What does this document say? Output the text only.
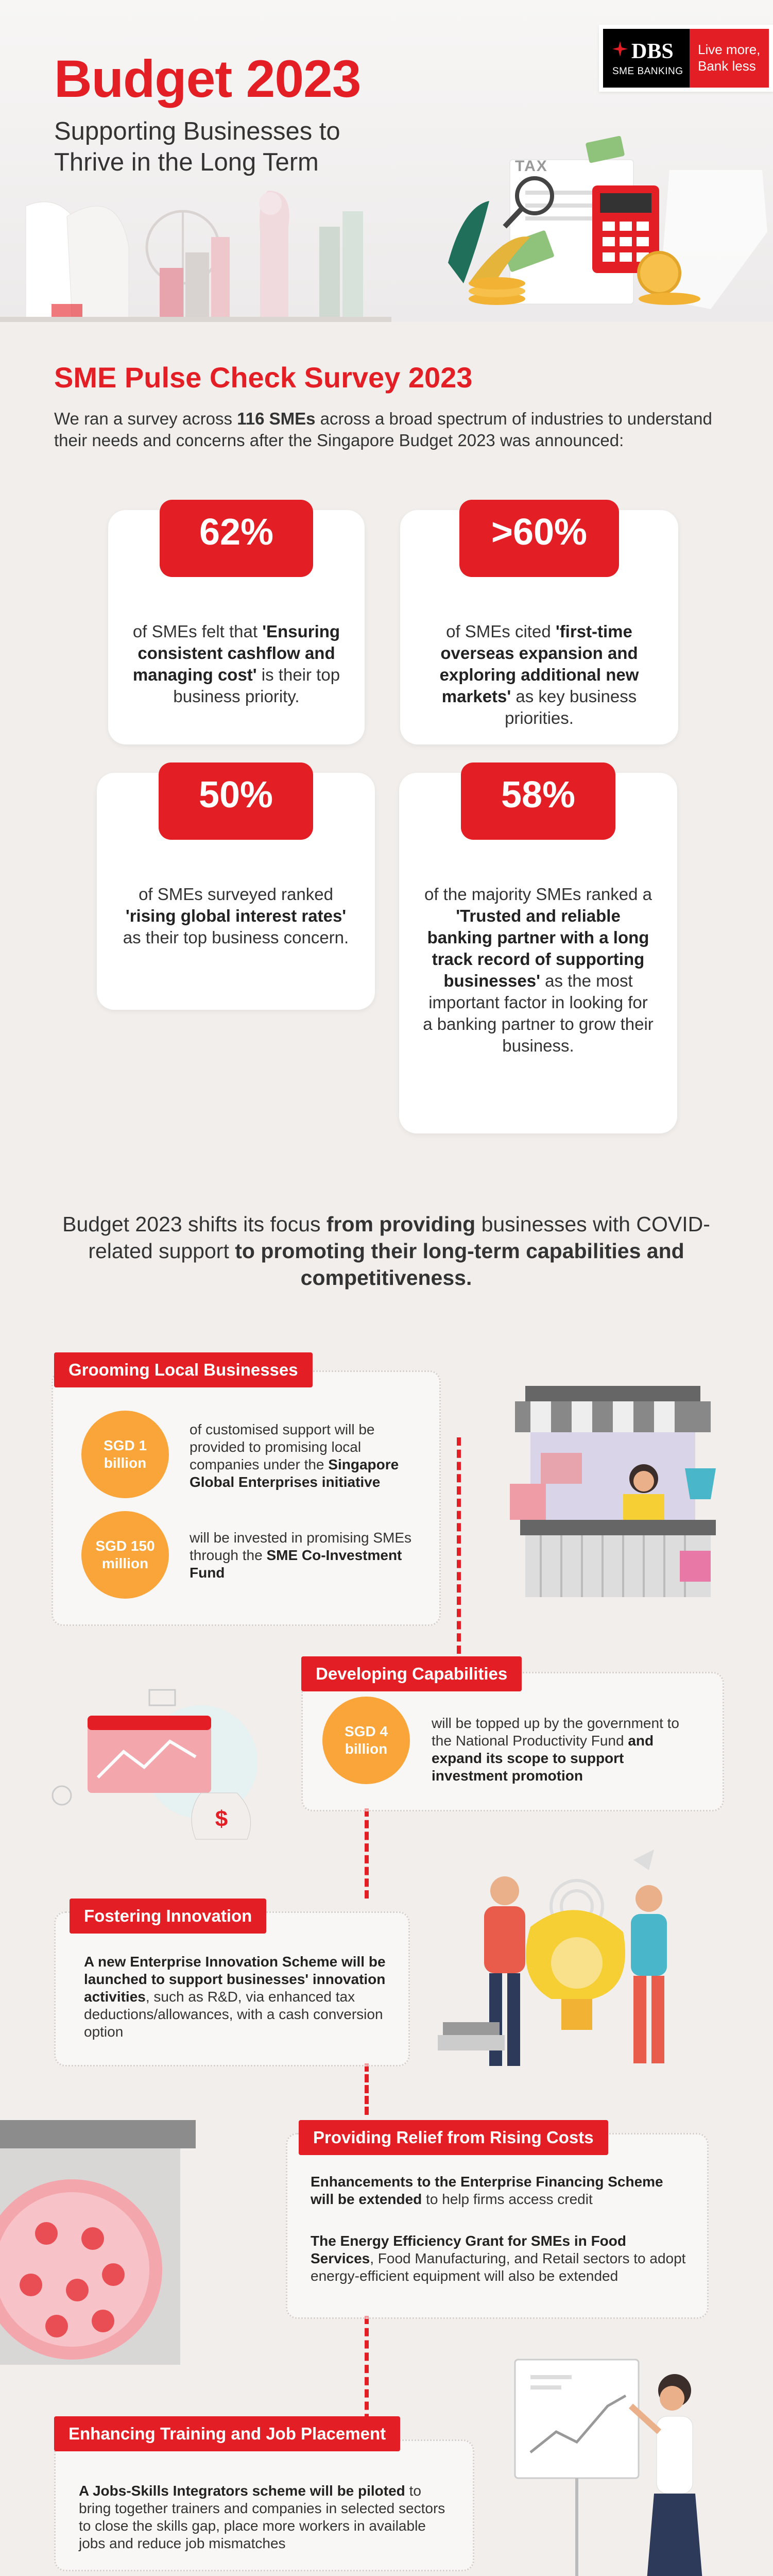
Budget 2023
Supporting Businesses to
Thrive in the Long Term
DBS
SME BANKING
Live more,
Bank less
TAX
SME Pulse Check Survey 2023
We ran a survey across 116 SMEs across a broad spectrum of industries to understand their needs and concerns after the Singapore Budget 2023 was announced:
62%
of SMEs felt that 'Ensuring consistent cashflow and managing cost' is their top business priority.
>60%
of SMEs cited 'first-time overseas expansion and exploring additional new markets' as key business priorities.
50%
of SMEs surveyed ranked 'rising global interest rates' as their top business concern.
58%
of the majority SMEs ranked a 'Trusted and reliable banking partner with a long track record of supporting businesses' as the most important factor in looking for a banking partner to grow their business.
Budget 2023 shifts its focus from providing businesses with COVID-related support to promoting their long-term capabilities and competitiveness.
SGD 1
billion
of customised support will be provided to promising local companies under the Singapore Global Enterprises initiative
SGD 150
million
will be invested in promising SMEs through the SME Co-Investment Fund
Grooming Local Businesses
SGD 4
billion
will be topped up by the government to the National Productivity Fund and expand its scope to support investment promotion
Developing Capabilities
$
A new Enterprise Innovation Scheme will be launched to support businesses' innovation activities, such as R&D, via enhanced tax deductions/allowances, with a cash conversion option
Fostering Innovation
Enhancements to the Enterprise Financing Scheme will be extended to help firms access credit
The Energy Efficiency Grant for SMEs in Food Services, Food Manufacturing, and Retail sectors to adopt energy-efficient equipment will also be extended
Providing Relief from Rising Costs
A Jobs-Skills Integrators scheme will be piloted to bring together trainers and companies in selected sectors to close the skills gap, place more workers in available jobs and reduce job mismatches
Enhancing Training and Job Placement
